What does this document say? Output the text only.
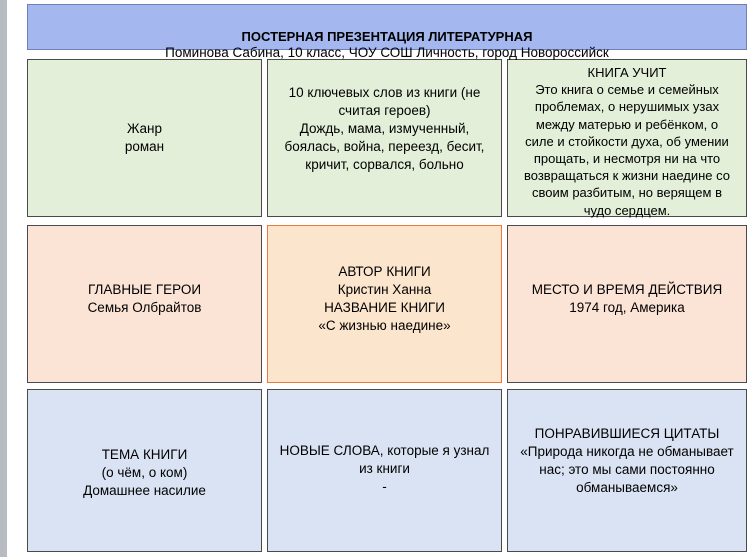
ПОСТЕРНАЯ ПРЕЗЕНТАЦИЯ ЛИТЕРАТУРНАЯ
Поминова Сабина, 10 класс, ЧОУ СОШ Личность, город Новороссийск
Жанр
роман
10 ключевых слов из книги (не
считая героев)
Дождь, мама, измученный,
боялась, война, переезд, бесит,
кричит, сорвался, больно
КНИГА УЧИТ
Это книга о семье и семейных
проблемах, о нерушимых узах
между матерью и ребёнком, о
силе и стойкости духа, об умении
прощать, и несмотря ни на что
возвращаться к жизни наедине со
своим разбитым, но верящем в
чудо сердцем.
ГЛАВНЫЕ ГЕРОИ
Семья Олбрайтов
АВТОР КНИГИ
Кристин Ханна
НАЗВАНИЕ КНИГИ
«С жизнью наедине»
МЕСТО И ВРЕМЯ ДЕЙСТВИЯ
1974 год, Америка
ТЕМА КНИГИ
(о чём, о ком)
Домашнее насилие
НОВЫЕ СЛОВА, которые я узнал
из книги
-
ПОНРАВИВШИЕСЯ ЦИТАТЫ
«Природа никогда не обманывает
нас; это мы сами постоянно
обманываемся»
